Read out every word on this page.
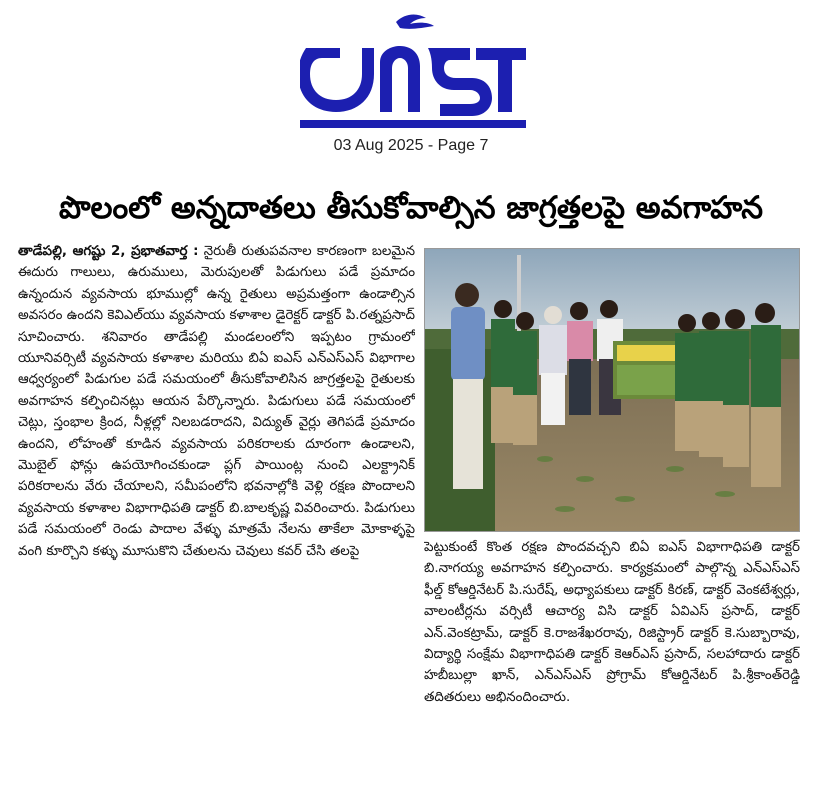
03 Aug 2025 - Page 7
పొలంలో అన్నదాతలు తీసుకోవాల్సిన జాగ్రత్తలపై అవగాహన

తాడేపల్లి, ఆగష్టు 2, ప్రభాతవార్త : నైరుతీ రుతుపవనాల కారణంగా బలమైన ఈదురు గాలులు, ఉరుములు, మెరుపులతో పిడుగులు పడే ప్రమాదం ఉన్నందున వ్యవసాయ భూముల్లో ఉన్న రైతులు అప్రమత్తంగా ఉండాల్సిన అవసరం ఉందని కెవిఎల్‌యు వ్యవసాయ కళాశాల డైరెక్టర్ డాక్టర్ పి.రత్నప్రసాద్ సూచించారు. శనివారం తాడేపల్లి మండలంలోని ఇప్పటం గ్రామంలో యూనివర్సిటీ వ్యవసాయ కళాశాల మరియు బిఏ ఐఎస్ ఎన్ఎస్ఎస్ విభాగాల ఆధ్వర్యంలో పిడుగుల పడే సమయంలో తీసుకోవాలిసిన జాగ్రత్తలపై రైతులకు అవగాహన కల్పించినట్లు ఆయన పేర్కొన్నారు. పిడుగులు పడే సమయంలో చెట్లు, స్తంభాల క్రింద, నీళ్లల్లో నిలబడరాదని, విద్యుత్ వైర్లు తెగిపడే ప్రమాదం ఉందని, లోహంతో కూడిన వ్యవసాయ పరికరాలకు దూరంగా ఉండాలని, మొబైల్ ఫోన్లు ఉపయోగించకుండా ప్లగ్ పాయింట్ల నుంచి ఎలక్ట్రానిక్ పరికరాలను వేరు చేయాలని, సమీపంలోని భవనాల్లోకి వెళ్లి రక్షణ పొందాలని వ్యవసాయ కళాశాల విభాగాధిపతి డాక్టర్ బి.బాలకృష్ణ వివరించారు. పిడుగులు పడే సమయంలో రెండు పాదాల వేళ్ళు మాత్రమే నేలను తాకేలా మోకాళ్ళపై వంగి కూర్చొని కళ్ళు మూసుకొని చేతులను చెవులు కవర్ చేసి తలపై	పెట్టుకుంటే కొంత రక్షణ పొందవచ్చని బిఏ ఐఎస్ విభాగాధిపతి డాక్టర్ బి.నాగయ్య అవగాహన కల్పించారు. కార్యక్రమంలో పాల్గొన్న ఎన్ఎస్ఎస్ ఫీల్డ్ కోఆర్డినేటర్ పి.సురేష్, అధ్యాపకులు డాక్టర్ కిరణ్, డాక్టర్ వెంకటేశ్వర్లు, వాలంటీర్లను వర్సిటీ ఆచార్య విసి డాక్టర్ ఏవిఎస్ ప్రసాద్, డాక్టర్ ఎన్.వెంకట్రామ్, డాక్టర్ కె.రాజశేఖరరావు, రిజిస్ట్రార్ డాక్టర్ కె.సుబ్బారావు, విద్యార్థి సంక్షేమ విభాగాధిపతి డాక్టర్ కెఆర్ఎస్ ప్రసాద్, సలహాదారు డాక్టర్ హబీబుల్లా ఖాన్, ఎన్ఎస్ఎస్ ప్రోగ్రామ్ కోఆర్డినేటర్ పి.శ్రీకాంత్‌రెడ్డి తదితరులు అభినందించారు.
